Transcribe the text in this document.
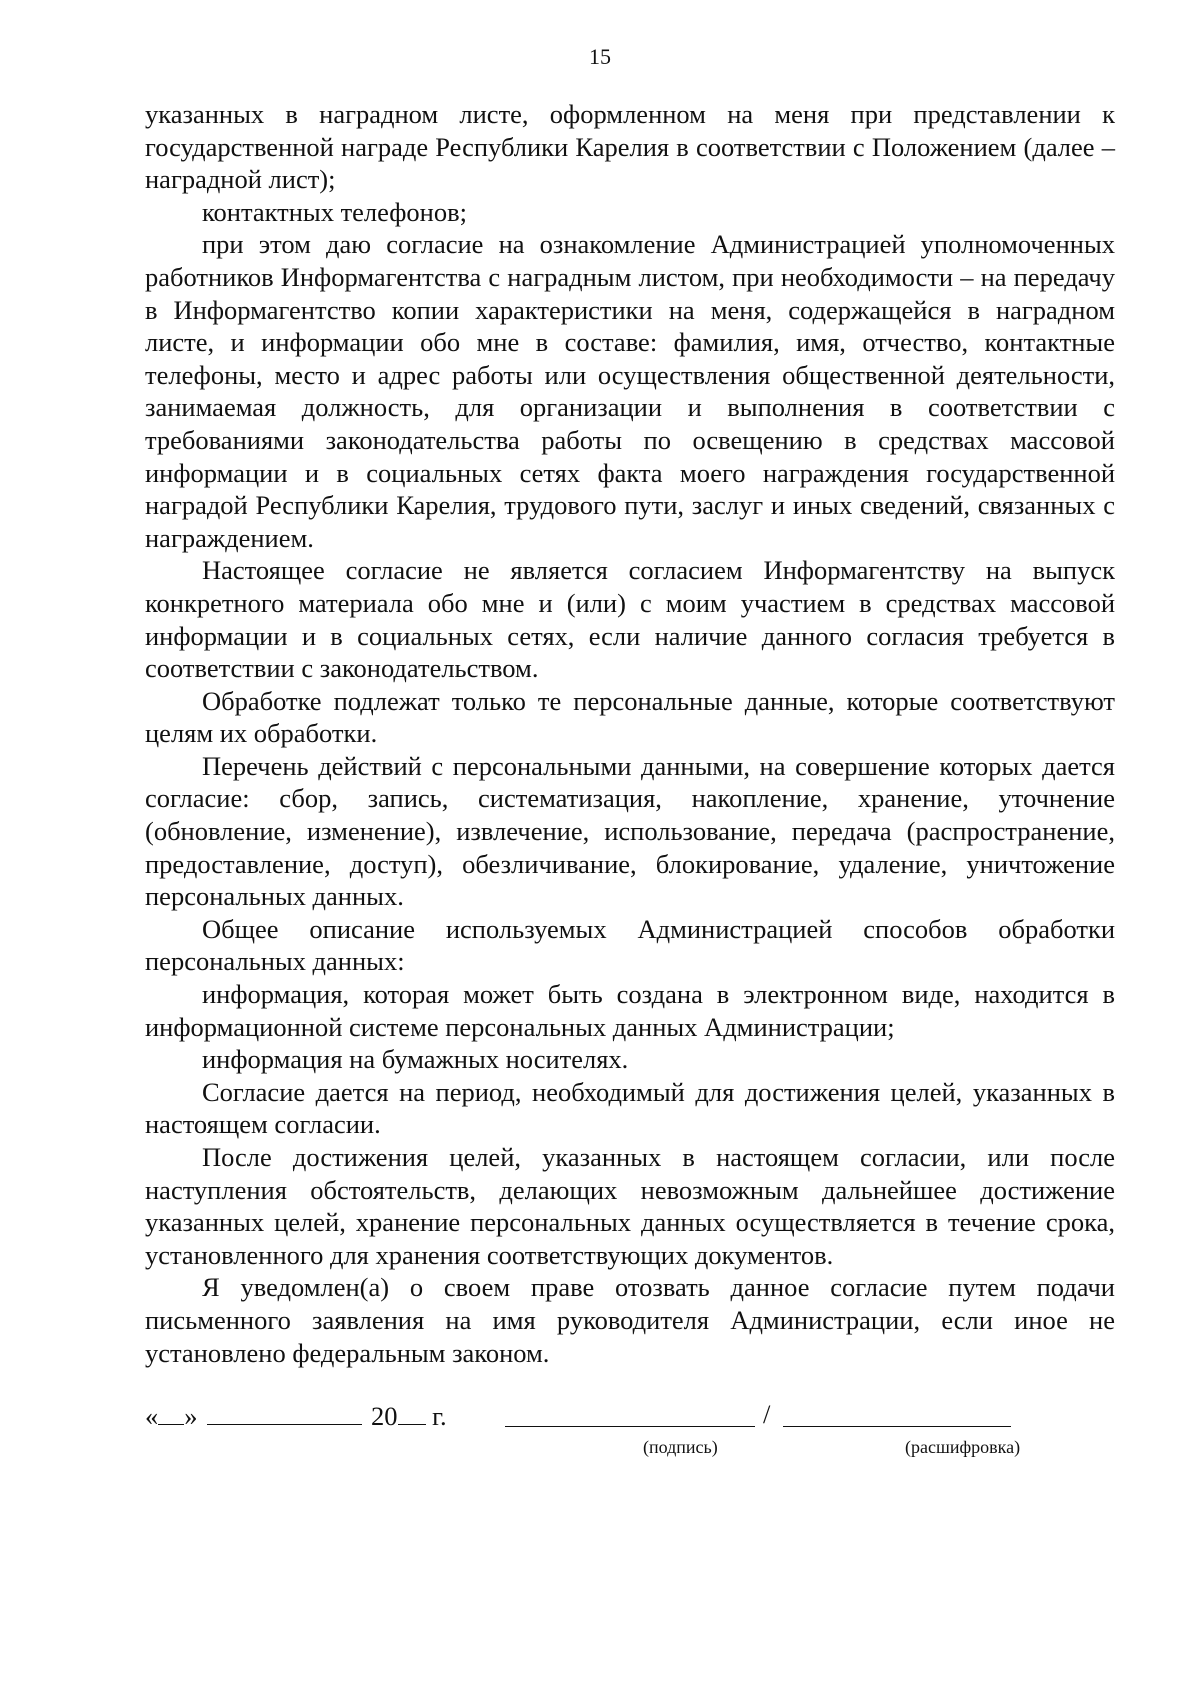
15

указанных в наградном листе, оформленном на меня при представлении к государственной награде Республики Карелия в соответствии с Положением (далее – наградной лист);

контактных телефонов;

при этом даю согласие на ознакомление Администрацией уполномоченных работников Информагентства с наградным листом, при необходимости – на передачу в Информагентство копии характеристики на меня, содержащейся в наградном листе, и информации обо мне в составе: фамилия, имя, отчество, контактные телефоны, место и адрес работы или осуществления общественной деятельности, занимаемая должность, для организации и выполнения в соответствии с требованиями законодательства работы по освещению в средствах массовой информации и в социальных сетях факта моего награждения государственной наградой Республики Карелия, трудового пути, заслуг и иных сведений, связанных с награждением.

Настоящее согласие не является согласием Информагентству на выпуск конкретного материала обо мне и (или) с моим участием в средствах массовой информации и в социальных сетях, если наличие данного согласия требуется в соответствии с законодательством.

Обработке подлежат только те персональные данные, которые соответствуют целям их обработки.

Перечень действий с персональными данными, на совершение которых дается согласие: сбор, запись, систематизация, накопление, хранение, уточнение (обновление, изменение), извлечение, использование, передача (распространение, предоставление, доступ), обезличивание, блокирование, удаление, уничтожение персональных данных.

Общее описание используемых Администрацией способов обработки персональных данных:

информация, которая может быть создана в электронном виде, находится в информационной системе персональных данных Администрации;

информация на бумажных носителях.

Согласие дается на период, необходимый для достижения целей, указанных в настоящем согласии.

После достижения целей, указанных в настоящем согласии, или после наступления обстоятельств, делающих невозможным дальнейшее достижение указанных целей, хранение персональных данных осуществляется в течение срока, установленного для хранения соответствующих документов.

Я уведомлен(а) о своем праве отозвать данное согласие путем подачи письменного заявления на имя руководителя Администрации, если иное не установлено федеральным законом.

« »	20 г.	/
(подпись)	(расшифровка)
